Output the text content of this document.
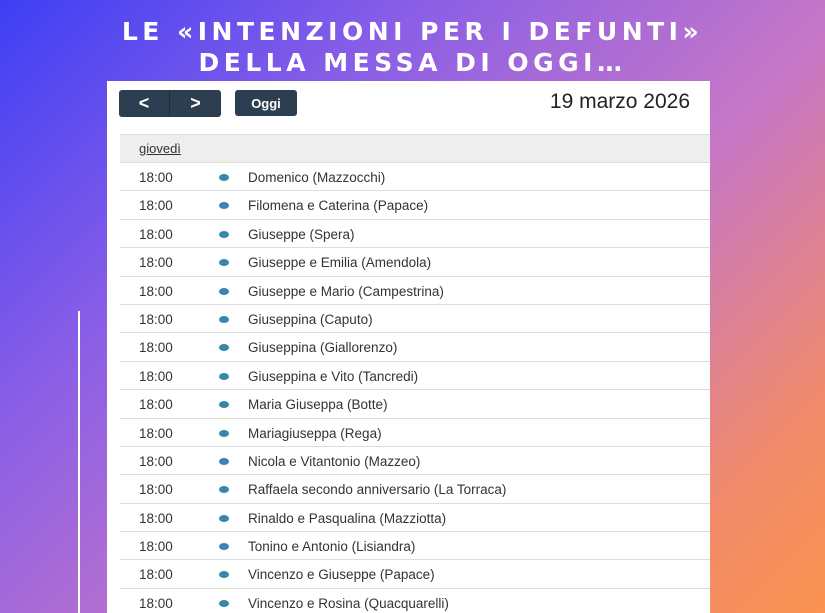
LE «INTENZIONI PER I DEFUNTI»
DELLA MESSA DI OGGI…
<	>	Oggi	19 marzo 2026
giovedì
18:00	Domenico (Mazzocchi)
18:00	Filomena e Caterina (Papace)
18:00	Giuseppe (Spera)
18:00	Giuseppe e Emilia (Amendola)
18:00	Giuseppe e Mario (Campestrina)
18:00	Giuseppina (Caputo)
18:00	Giuseppina (Giallorenzo)
18:00	Giuseppina e Vito (Tancredi)
18:00	Maria Giuseppa (Botte)
18:00	Mariagiuseppa (Rega)
18:00	Nicola e Vitantonio (Mazzeo)
18:00	Raffaela secondo anniversario (La Torraca)
18:00	Rinaldo e Pasqualina (Mazziotta)
18:00	Tonino e Antonio (Lisiandra)
18:00	Vincenzo e Giuseppe (Papace)
18:00	Vincenzo e Rosina (Quacquarelli)
